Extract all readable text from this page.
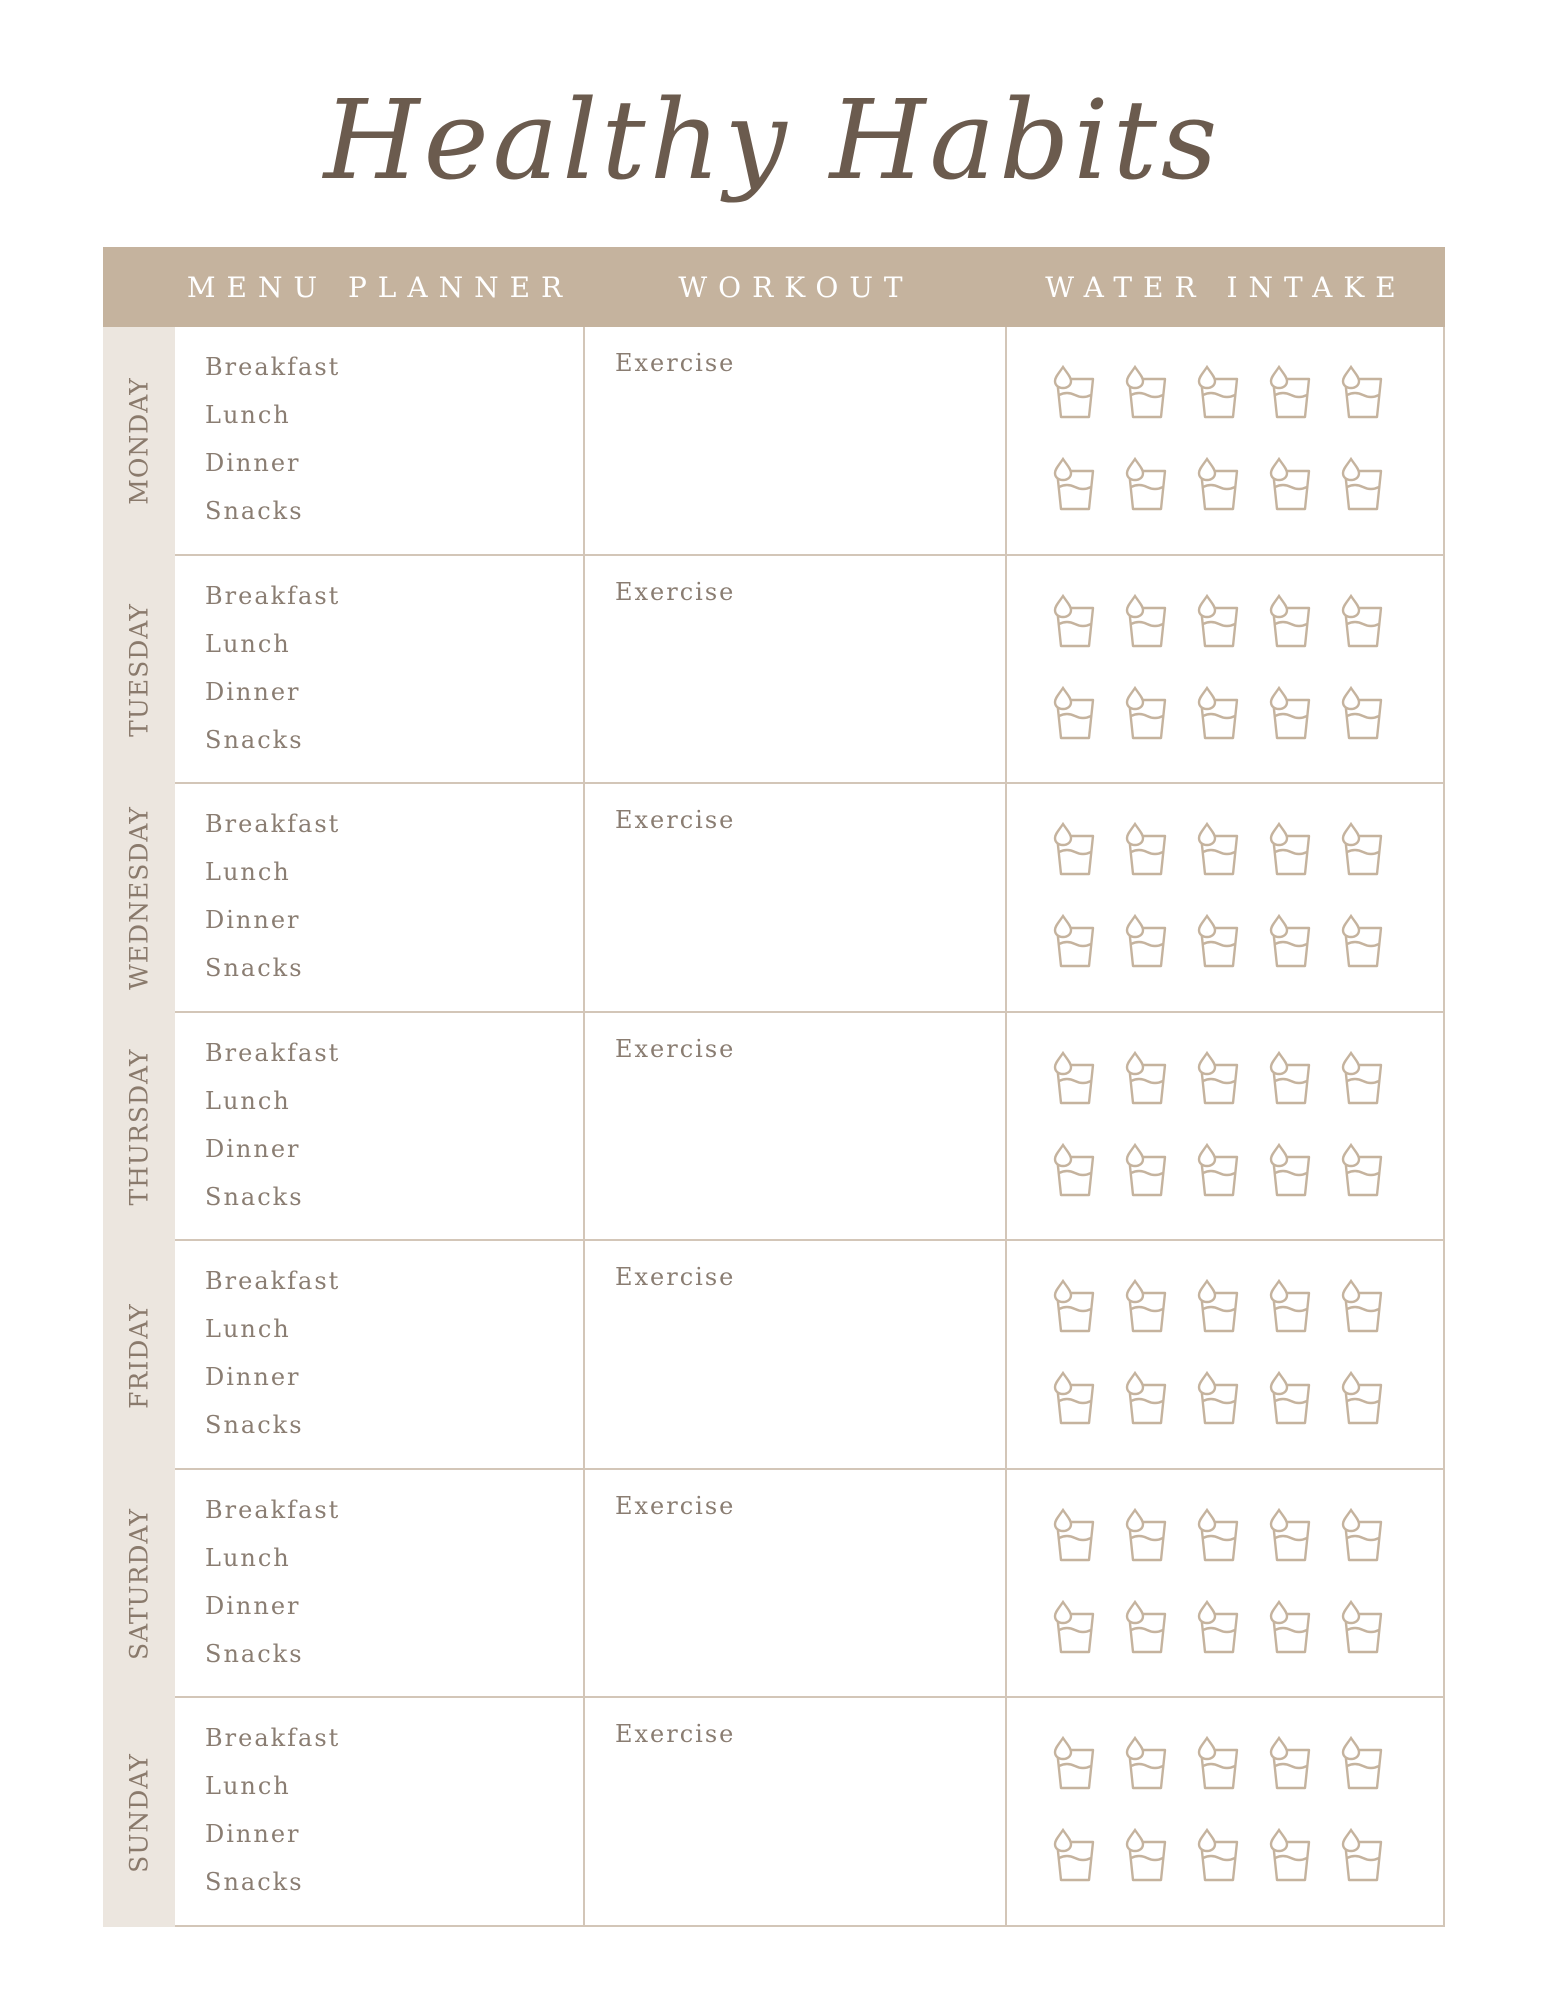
Healthy Habits
MENU PLANNER	WORKOUT	WATER INTAKE
MONDAY
Breakfast
Lunch
Dinner
Snacks
Exercise
TUESDAY
Breakfast
Lunch
Dinner
Snacks
Exercise
WEDNESDAY Breakfast
Lunch
Dinner
Snacks
Exercise
THURSDAY Breakfast
Lunch
Dinner
Snacks
Exercise
FRIDAY
Breakfast
Lunch
Dinner
Snacks
Exercise
SATURDAY Breakfast
Lunch
Dinner
Snacks
Exercise
SUNDAY
Breakfast
Lunch
Dinner
Snacks
Exercise
